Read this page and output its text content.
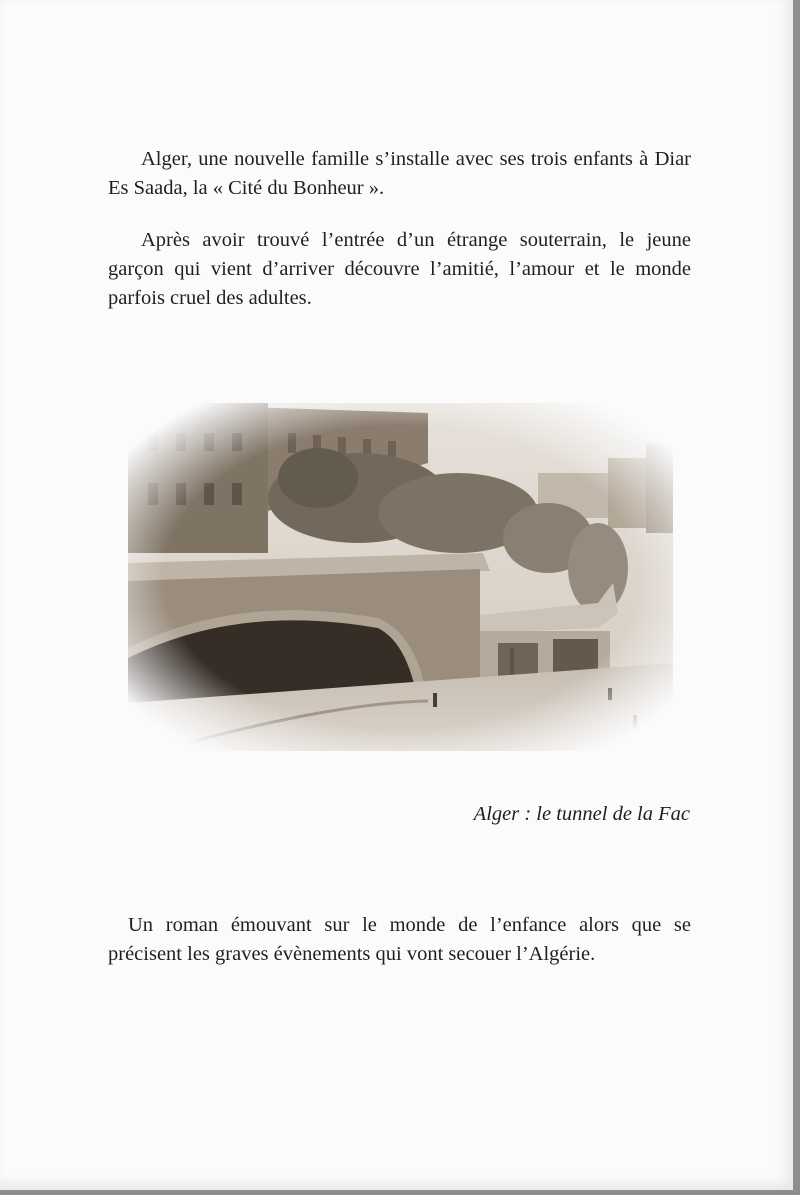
Alger, une nouvelle famille s’installe avec ses trois enfants à Diar Es Saada, la « Cité du Bonheur ».

Après avoir trouvé l’entrée d’un étrange souterrain, le jeune garçon qui vient d’arriver découvre l’amitié, l’amour et le monde parfois cruel des adultes.

Alger : le tunnel de la Fac

Un roman émouvant sur le monde de l’enfance alors que se précisent les graves évènements qui vont secouer l’Algérie.
